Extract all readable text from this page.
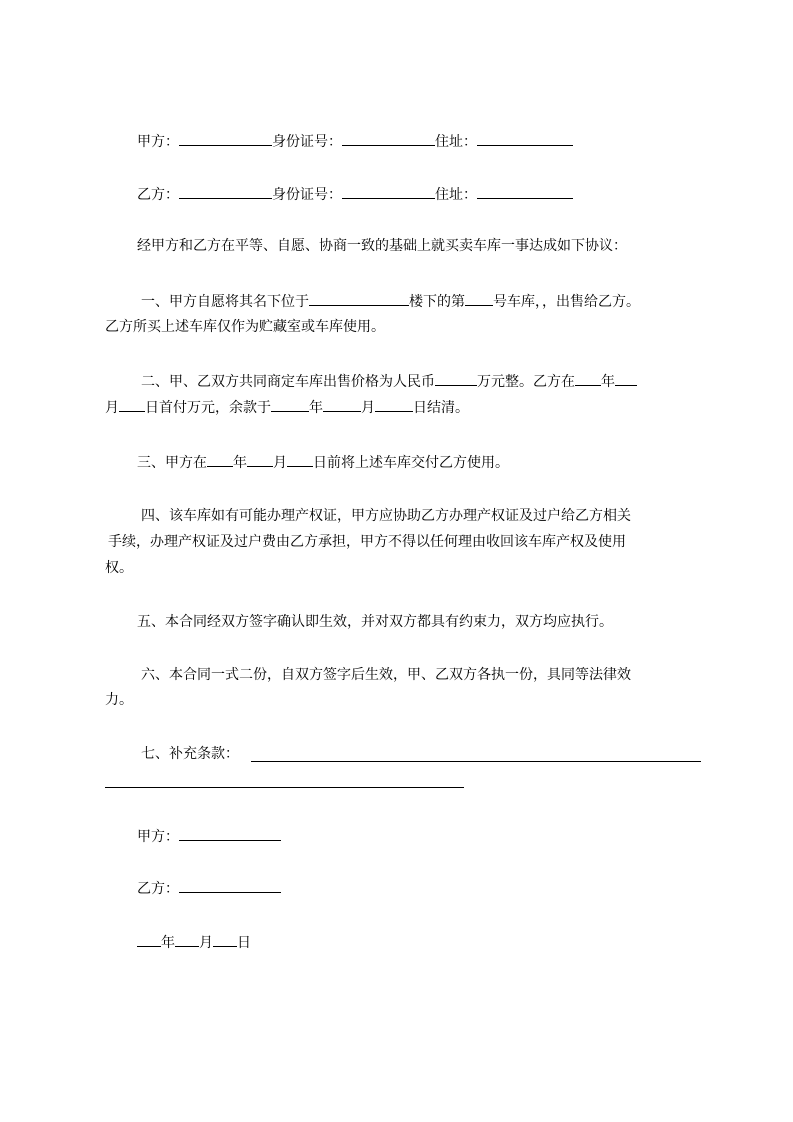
甲方：	身份证号：	住址：
乙方：	身份证号：	住址：
经甲方和乙方在平等、自愿、协商一致的基础上就买卖车库一事达成如下协议：
一、甲方自愿将其名下位于	楼下的第 号车库，，出售给乙方。
乙方所买上述车库仅作为贮藏室或车库使用。
二、甲、乙双方共同商定车库出售价格为人民币	万元整。乙方在 年
月 日首付万元，余款于	年	月	日结清。
三、甲方在 年 月 日前将上述车库交付乙方使用。
四、该车库如有可能办理产权证，甲方应协助乙方办理产权证及过户给乙方相关
手续，办理产权证及过户费由乙方承担，甲方不得以任何理由收回该车库产权及使用
权。
五、本合同经双方签字确认即生效，并对双方都具有约束力，双方均应执行。
六、本合同一式二份，自双方签字后生效，甲、乙双方各执一份，具同等法律效
力。
七、补充条款：
甲方：
乙方：
年 月 日
